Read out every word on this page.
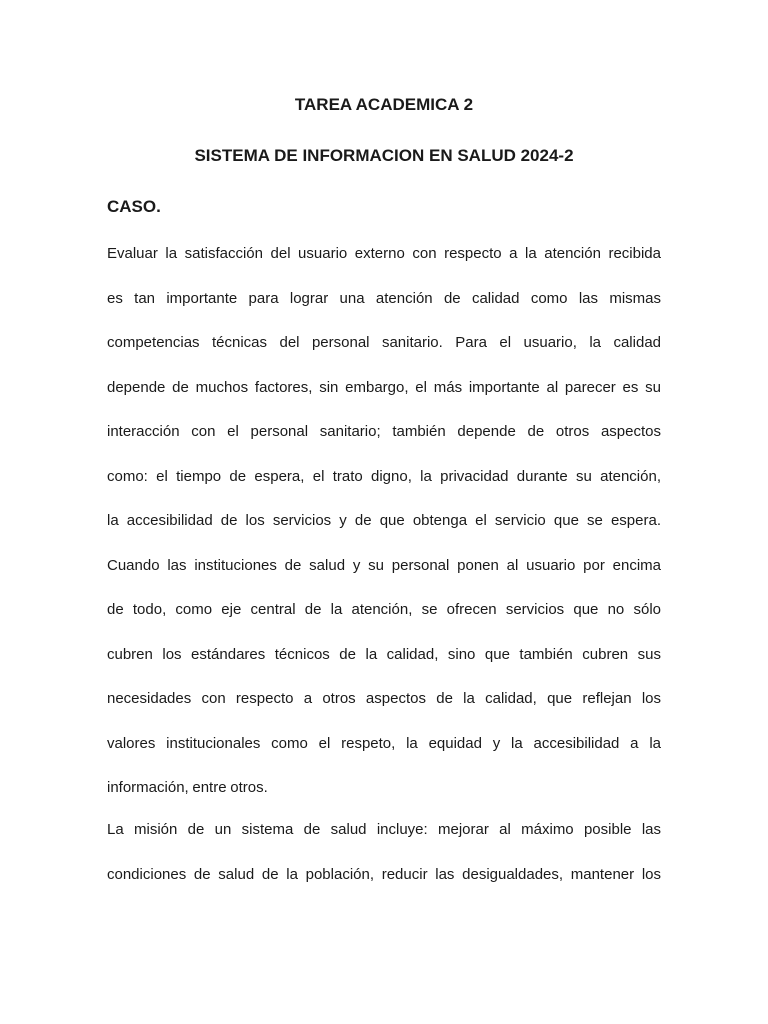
TAREA ACADEMICA 2
SISTEMA DE INFORMACION EN SALUD 2024-2
CASO.
Evaluar la satisfacción del usuario externo con respecto a la atención recibida
es tan importante para lograr una atención de calidad como las mismas
competencias técnicas del personal sanitario. Para el usuario, la calidad
depende de muchos factores, sin embargo, el más importante al parecer es su
interacción con el personal sanitario; también depende de otros aspectos
como: el tiempo de espera, el trato digno, la privacidad durante su atención,
la accesibilidad de los servicios y de que obtenga el servicio que se espera.
Cuando las instituciones de salud y su personal ponen al usuario por encima
de todo, como eje central de la atención, se ofrecen servicios que no sólo
cubren los estándares técnicos de la calidad, sino que también cubren sus
necesidades con respecto a otros aspectos de la calidad, que reflejan los
valores institucionales como el respeto, la equidad y la accesibilidad a la
información, entre otros.
La misión de un sistema de salud incluye: mejorar al máximo posible las
condiciones de salud de la población, reducir las desigualdades, mantener los
